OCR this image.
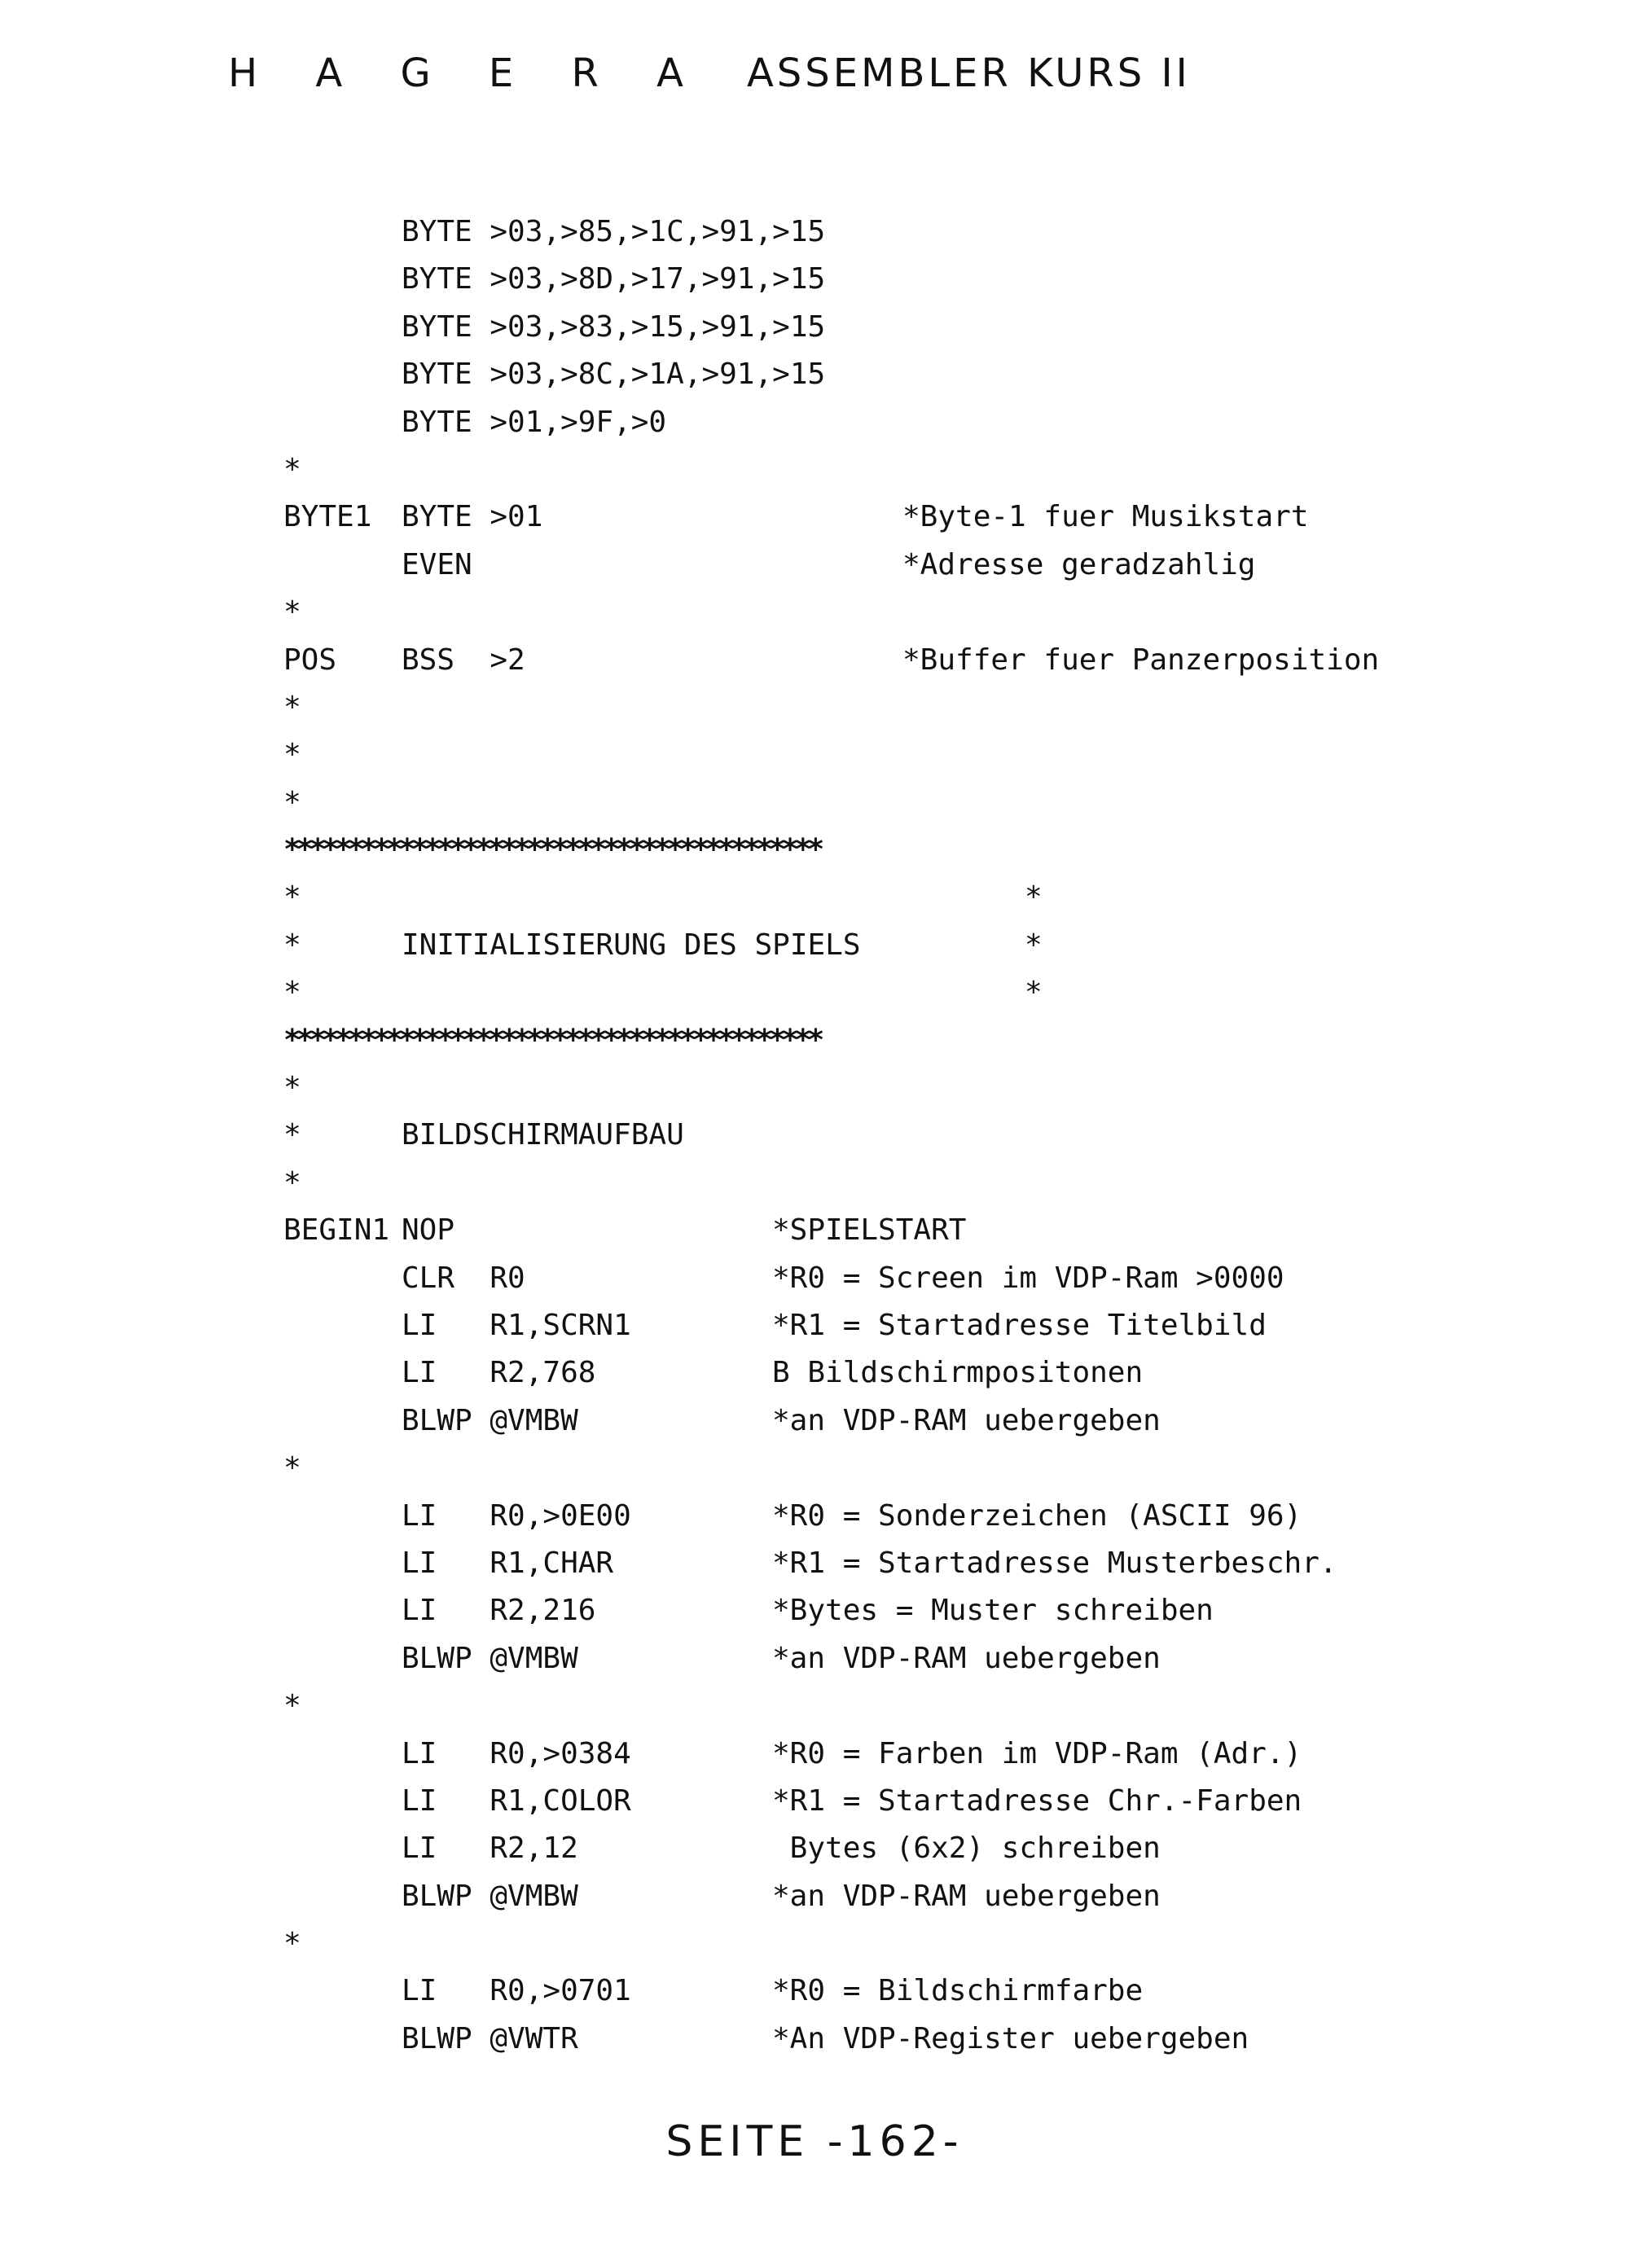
H A G E R A ASSEMBLER KURS II
BYTE >03,>85,>1C,>91,>15
BYTE >03,>8D,>17,>91,>15
BYTE >03,>83,>15,>91,>15
BYTE >03,>8C,>1A,>91,>15
BYTE >01,>9F,>0
*
BYTE1 BYTE >01	*Byte-1 fuer Musikstart
EVEN	*Adresse geradzahlig
*
POS BSS  >2	*Buffer fuer Panzerposition
*
*
*
******************************************
*	*
*	INITIALISIERUNG DES SPIELS	*
*	*
******************************************
*
*	BILDSCHIRMAUFBAU
*
BEGIN1 NOP	*SPIELSTART
CLR  R0	*R0 = Screen im VDP-Ram >0000
LI   R1,SCRN1	*R1 = Startadresse Titelbild
LI   R2,768	B Bildschirmpositonen
BLWP @VMBW	*an VDP-RAM uebergeben
*
LI   R0,>0E00	*R0 = Sonderzeichen (ASCII 96)
LI   R1,CHAR	*R1 = Startadresse Musterbeschr.
LI   R2,216	*Bytes = Muster schreiben
BLWP @VMBW	*an VDP-RAM uebergeben
*
LI   R0,>0384	*R0 = Farben im VDP-Ram (Adr.)
LI   R1,COLOR	*R1 = Startadresse Chr.-Farben
LI   R2,12	Bytes (6x2) schreiben
BLWP @VMBW	*an VDP-RAM uebergeben
*
LI   R0,>0701	*R0 = Bildschirmfarbe
BLWP @VWTR	*An VDP-Register uebergeben
SEITE -162-
